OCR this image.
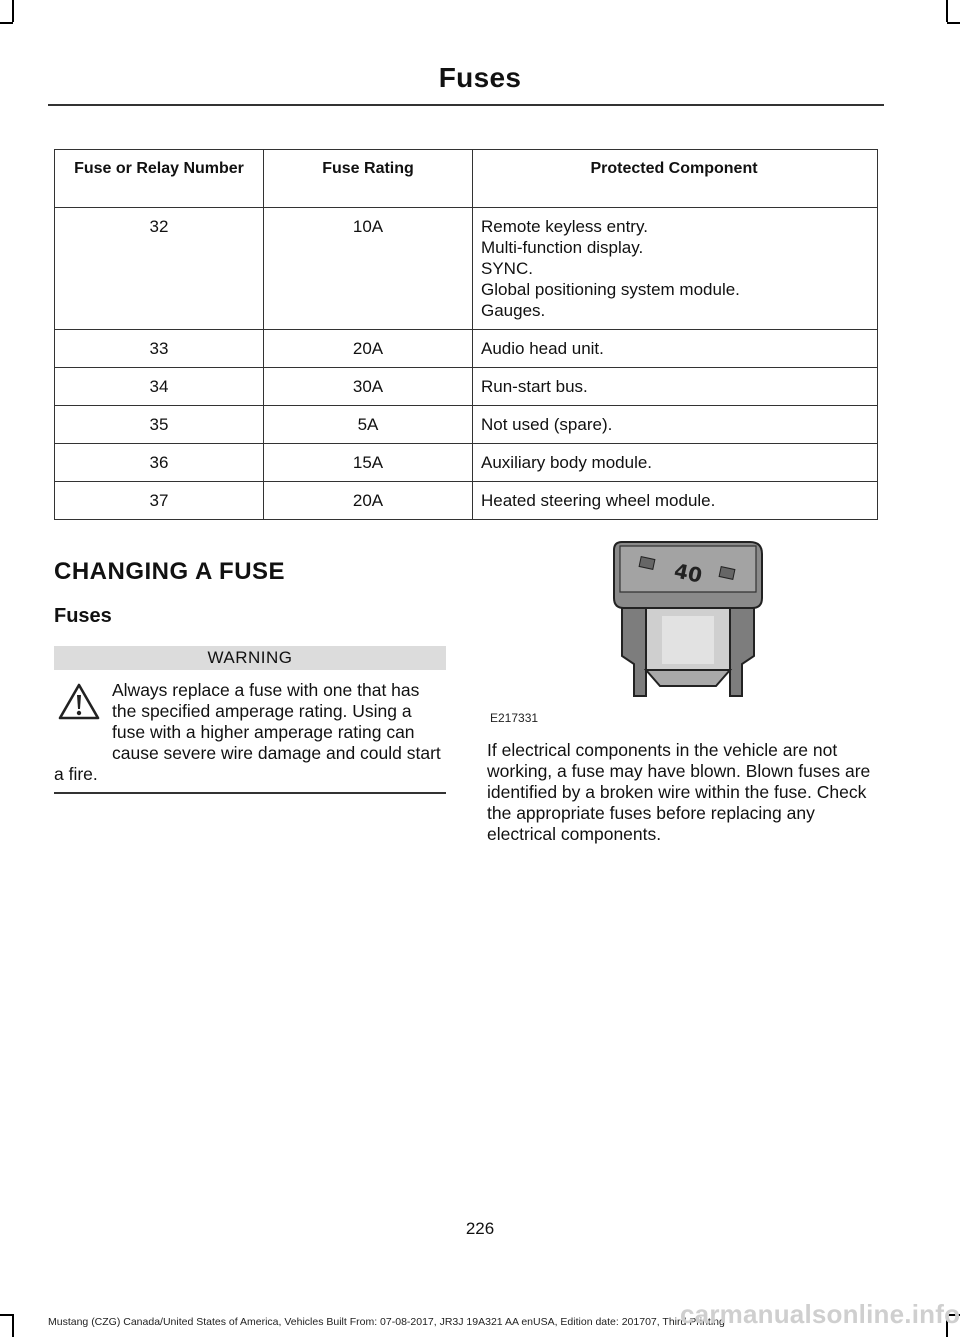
Fuses
Fuse or Relay Number	Fuse Rating	Protected Component
32	10A	Remote keyless entry.
Multi-function display.
SYNC.
Global positioning system module.
Gauges.

33	20A	Audio head unit.

34	30A	Run-start bus.

35	5A	Not used (spare).

36	15A	Auxiliary body module.

37	20A	Heated steering wheel module.
CHANGING A FUSE
Fuses
WARNING
Always replace a fuse with one that has the specified amperage rating. Using a fuse with a higher amperage rating can cause severe wire damage and could start a fire.
40
E217331
If electrical components in the vehicle are not working, a fuse may have blown. Blown fuses are identified by a broken wire within the fuse. Check the appropriate fuses before replacing any electrical components.
226
Mustang (CZG) Canada/United States of America, Vehicles Built From: 07-08-2017, JR3J 19A321 AA enUSA, Edition date: 201707, Third Printing
carmanualsonline.info
